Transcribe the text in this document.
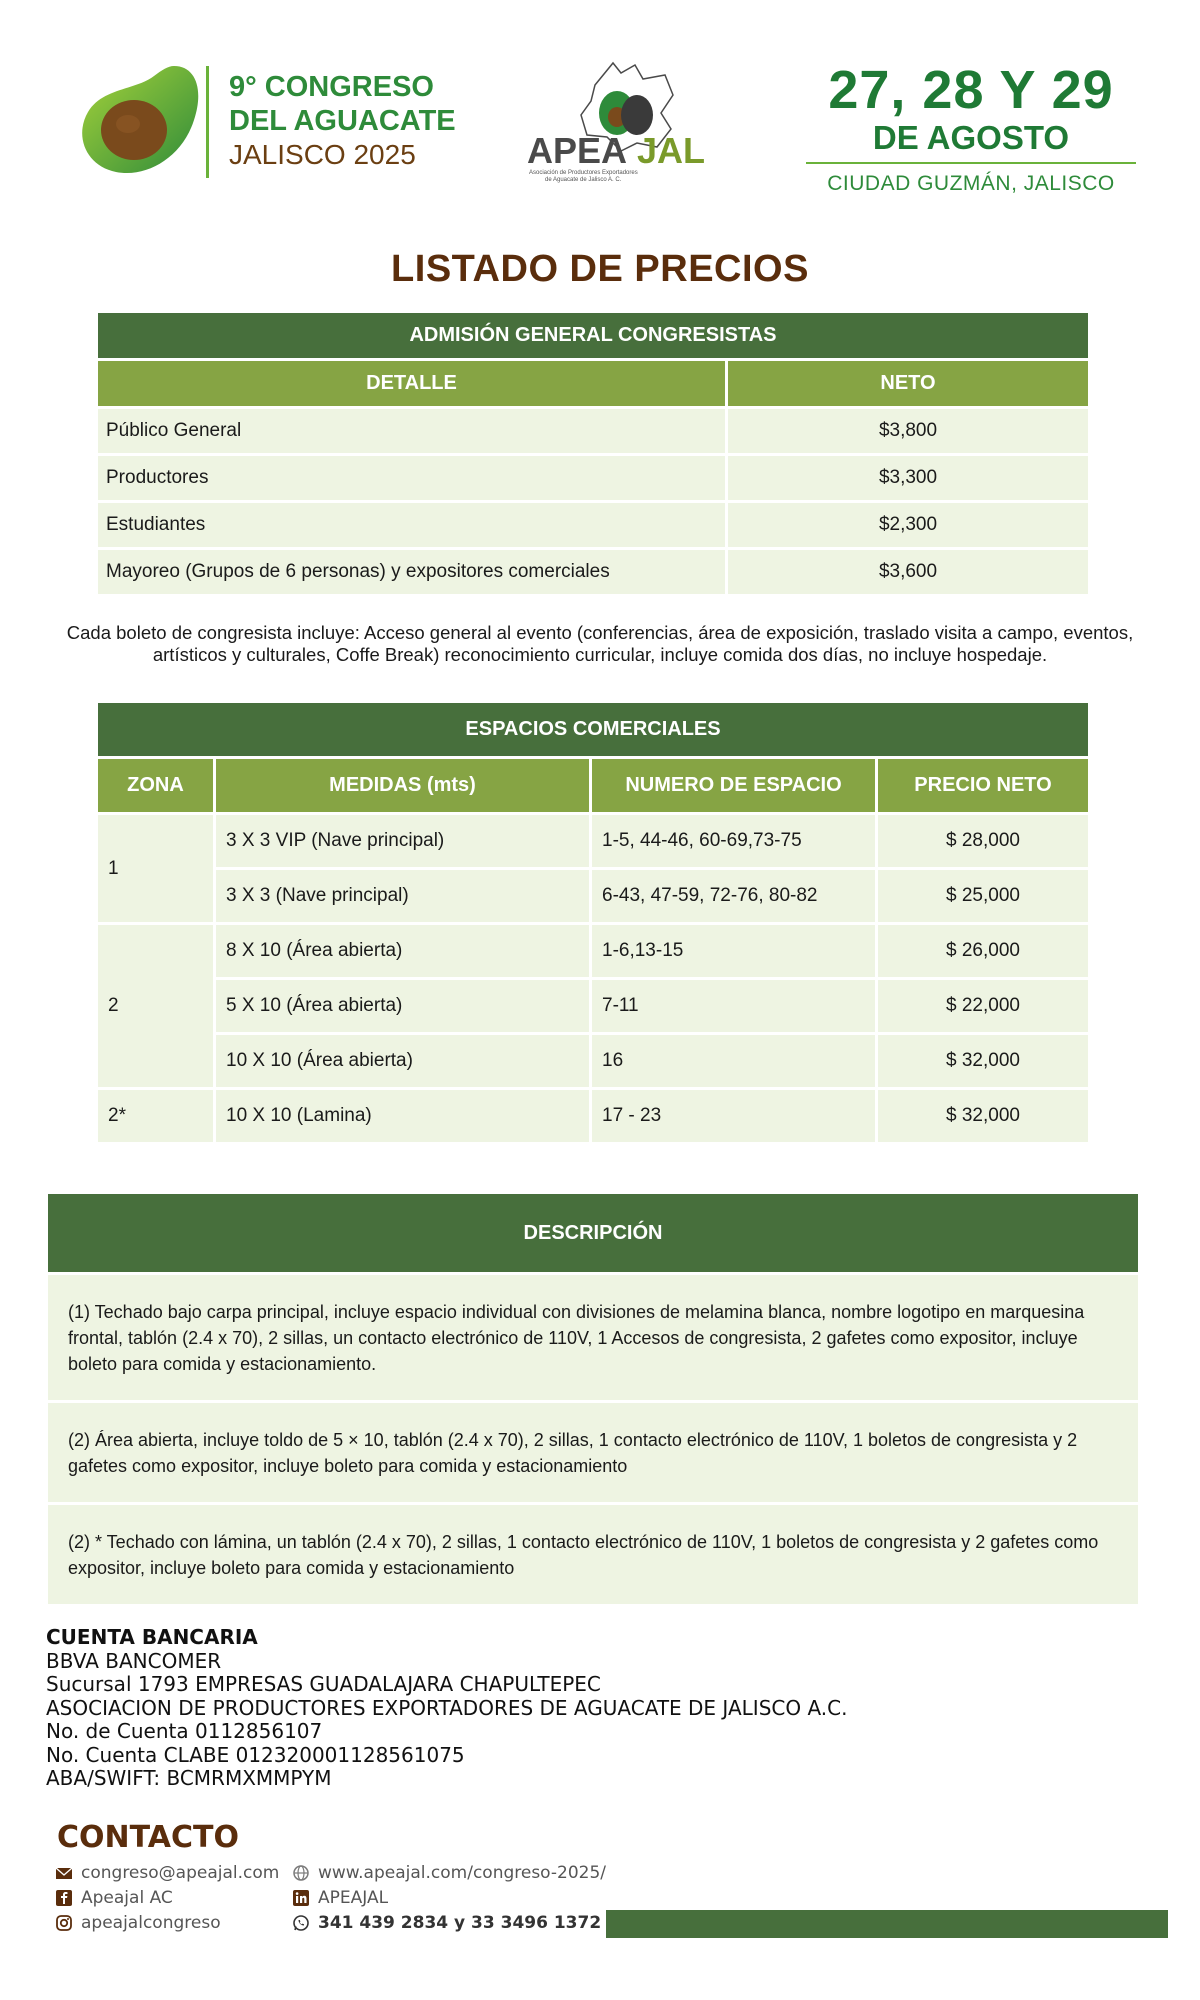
9° CONGRESO
DEL AGUACATE
JALISCO 2025	APEA JAL
Asociación de Productores Exportadores
de Aguacate de Jalisco A. C.
27, 28 Y 29
DE AGOSTO
CIUDAD GUZMÁN, JALISCO
LISTADO DE PRECIOS
ADMISIÓN GENERAL CONGRESISTAS	
DETALLE	NETO
Público General	$3,800
Productores	$3,300
Estudiantes	$2,300
Mayoreo (Grupos de 6 personas) y expositores comerciales	$3,600

Cada boleto de congresista incluye: Acceso general al evento (conferencias, área de exposición, traslado visita a campo, eventos, artísticos y culturales, Coffe Break) reconocimiento curricular, incluye comida dos días, no incluye hospedaje.

ESPACIOS COMERCIALES			
ZONA	MEDIDAS (mts)	NUMERO DE ESPACIO	PRECIO NETO
1	3 X 3 VIP (Nave principal)	1-5, 44-46, 60-69,73-75	$ 28,000
	3 X 3 (Nave principal)	6-43, 47-59, 72-76, 80-82	$ 25,000
2	8 X 10 (Área abierta)	1-6,13-15	$ 26,000
	5 X 10 (Área abierta)	7-11	$ 22,000
	10 X 10 (Área abierta)	16	$ 32,000
2*	10 X 10 (Lamina)	17 - 23	$ 32,000
DESCRIPCIÓN
(1) Techado bajo carpa principal, incluye espacio individual con divisiones de melamina blanca, nombre logotipo en marquesina frontal, tablón (2.4 x 70), 2 sillas, un contacto electrónico de 110V, 1 Accesos de congresista, 2 gafetes como expositor, incluye boleto para comida y estacionamiento.
(2) Área abierta, incluye toldo de 5 × 10, tablón (2.4 x 70), 2 sillas, 1 contacto electrónico de 110V, 1 boletos de congresista y 2 gafetes como expositor, incluye boleto para comida y estacionamiento
(2) * Techado con lámina, un tablón (2.4 x 70), 2 sillas, 1 contacto electrónico de 110V, 1 boletos de congresista y 2 gafetes como expositor, incluye boleto para comida y estacionamiento
CUENTA BANCARIA
BBVA BANCOMER
Sucursal 1793 EMPRESAS GUADALAJARA CHAPULTEPEC
ASOCIACION DE PRODUCTORES EXPORTADORES DE AGUACATE DE JALISCO A.C.
No. de Cuenta 0112856107
No. Cuenta CLABE 012320001128561075
ABA/SWIFT: BCMRMXMMPYM
CONTACTO
congreso@apeajal.com
Apeajal AC
apeajalcongreso
www.apeajal.com/congreso-2025/
APEAJAL
341 439 2834 y 33 3496 1372
